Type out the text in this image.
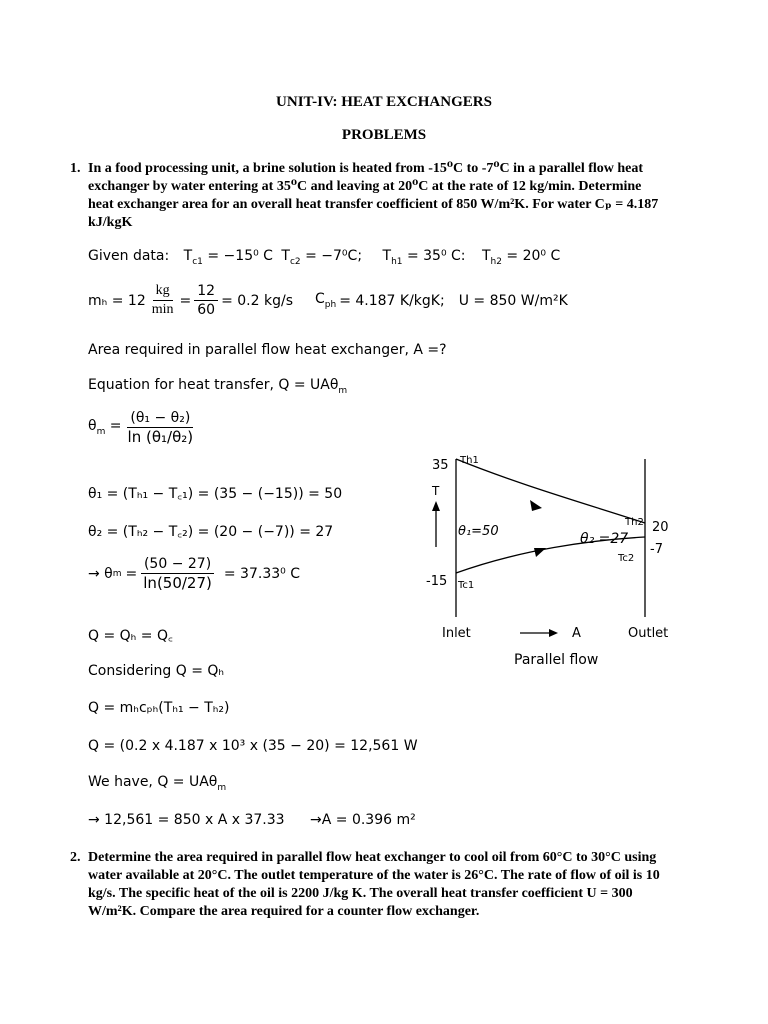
UNIT-IV: HEAT EXCHANGERS
PROBLEMS
1. In a food processing unit, a brine solution is heated from -15⁰C to -7⁰C in a parallel flow heat
exchanger by water entering at 35⁰C and leaving at 20⁰C at the rate of 12 kg/min. Determine
heat exchanger area for an overall heat transfer coefficient of 850 W/m²K. For water Cₚ = 4.187
kJ/kgK
Given data: $T_{c1} = -15^0$ C $T_{c2} = -7^0C$; $T_{h1} = 35^0$ C: $T_{h2} = 20^0$ C
$m_h = 12 \frac{kg}{\min} = \frac{12}{60} = 0.2$ kg/s $C_{ph} = 4.187$ K/kgK; U = 850 W/m²K
Area required in parallel flow heat exchanger, A =?
Equation for heat transfer, Q = UAθ$_m$
$\theta_m = \frac{\text{(θ₁ − θ₂)}}{\text{ln (θ₁/θ₂)}}$
θ₁ = (Tₕ₁ − T꜀₁) = (35 − (−15)) = 50
θ₂ = (Tₕ₂ − T꜀₂) = (20 − (−7)) = 27
→ θ $m = \frac{(50 - 27)}{\ln(50/27)} = 37.33^0$ C
Q = Qₕ = Q꜀
Considering Q = Qₕ
Q = mₕcₚₕ(Tₕ₁ − Tₕ₂)
Q = (0.2 x 4.187 x 10³ x (35 − 20) = 12,561 W
We have, Q = UAθ$_m$
→ 12,561 = 850 x A x 37.33 →A = 0.396 m²
35 Th1
T
θ₁=50	θ₂ =27
Th2
Tc2
20
-7
-15 Tc1
Inlet	A	Outlet
Parallel flow
2. Determine the area required in parallel flow heat exchanger to cool oil from 60°C to 30°C using
water available at 20°C. The outlet temperature of the water is 26°C. The rate of flow of oil is 10
kg/s. The specific heat of the oil is 2200 J/kg K. The overall heat transfer coefficient U = 300
W/m²K. Compare the area required for a counter flow exchanger.
